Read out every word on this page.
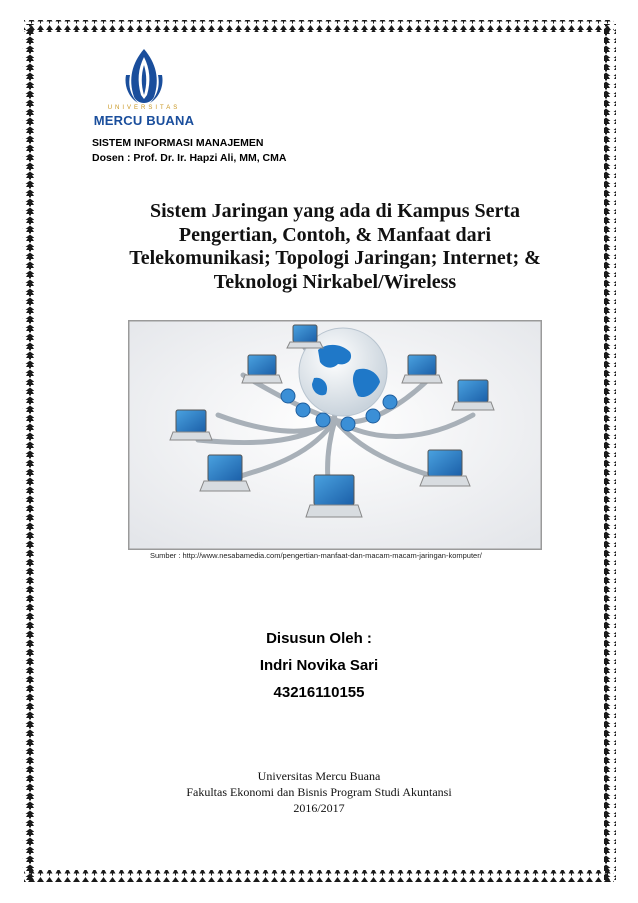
UNIVERSITAS
MERCU BUANA
SISTEM INFORMASI MANAJEMEN
Dosen : Prof. Dr. Ir. Hapzi Ali, MM, CMA
Sistem Jaringan yang ada di Kampus Serta
Pengertian, Contoh, & Manfaat dari
Telekomunikasi; Topologi Jaringan; Internet; &
Teknologi Nirkabel/Wireless
Sumber : http://www.nesabamedia.com/pengertian-manfaat-dan-macam-macam-jaringan-komputer/
Disusun Oleh :
Indri Novika Sari
43216110155
Universitas Mercu Buana
Fakultas Ekonomi dan Bisnis Program Studi Akuntansi
2016/2017
